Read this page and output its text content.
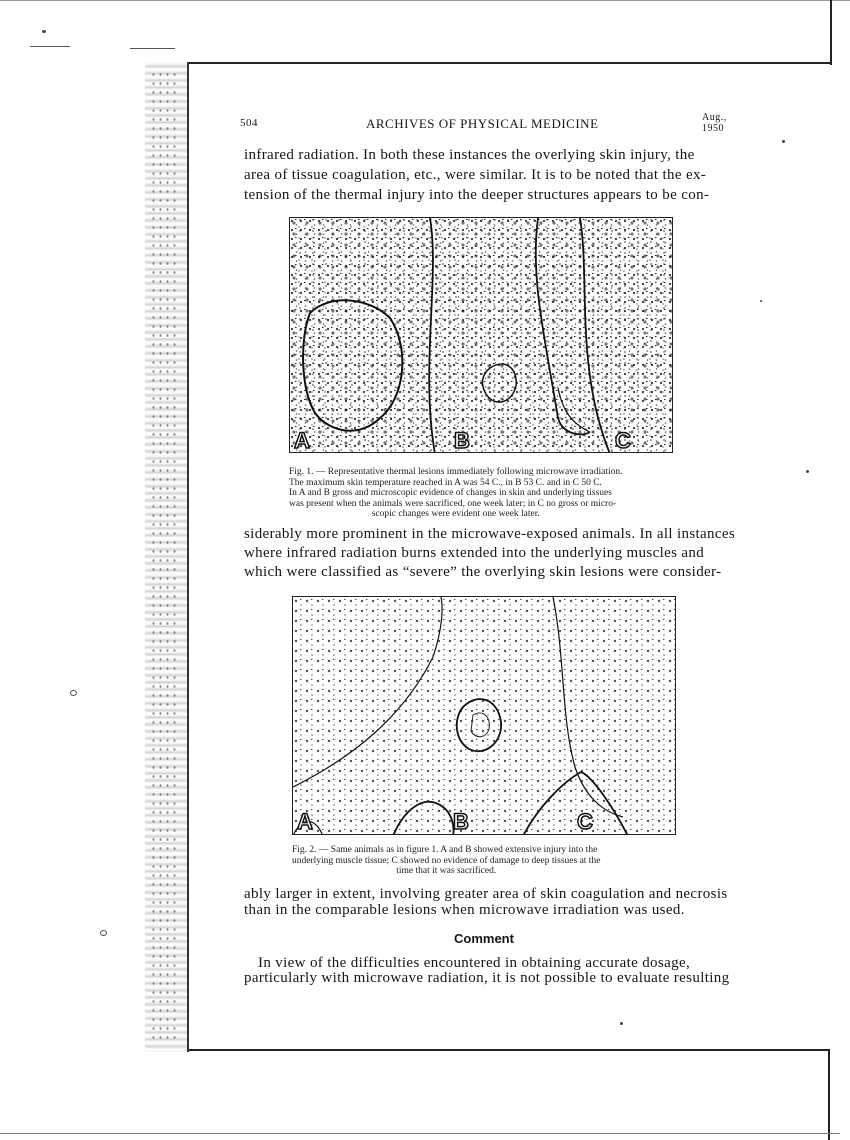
504	ARCHIVES OF PHYSICAL MEDICINE	Aug., 1950
infrared radiation. In both these instances the overlying skin injury, the
area of tissue coagulation, etc., were similar. It is to be noted that the ex-
tension of the thermal injury into the deeper structures appears to be con-
A	B	C
Fig. 1. — Representative thermal lesions immediately following microwave irradiation.
The maximum skin temperature reached in A was 54 C., in B 53 C. and in C 50 C.
In A and B gross and microscopic evidence of changes in skin and underlying tissues
was present when the animals were sacrificed, one week later; in C no gross or micro-
scopic changes were evident one week later.
siderably more prominent in the microwave-exposed animals. In all instances
where infrared radiation burns extended into the underlying muscles and
which were classified as “severe” the overlying skin lesions were consider-
A	B	C
Fig. 2. — Same animals as in figure 1. A and B showed extensive injury into the
underlying muscle tissue; C showed no evidence of damage to deep tissues at the
time that it was sacrificed.
ably larger in extent, involving greater area of skin coagulation and necrosis
than in the comparable lesions when microwave irradiation was used.
Comment
In view of the difficulties encountered in obtaining accurate dosage,
particularly with microwave radiation, it is not possible to evaluate resulting
